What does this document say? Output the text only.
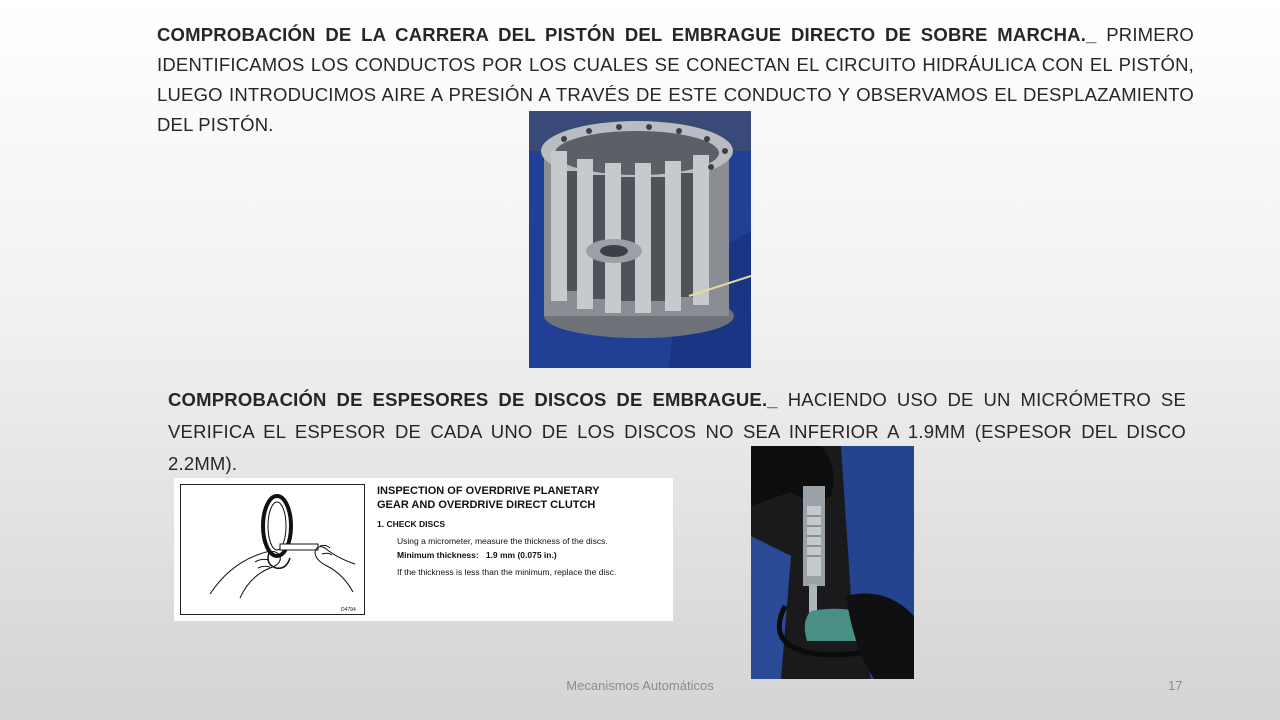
COMPROBACIÓN DE LA CARRERA DEL PISTÓN DEL EMBRAGUE DIRECTO DE SOBRE MARCHA._ PRIMERO IDENTIFICAMOS LOS CONDUCTOS POR LOS CUALES SE CONECTAN EL CIRCUITO HIDRÁULICA CON EL PISTÓN, LUEGO INTRODUCIMOS AIRE A PRESIÓN A TRAVÉS DE ESTE CONDUCTO Y OBSERVAMOS EL DESPLAZAMIENTO DEL PISTÓN.

COMPROBACIÓN DE ESPESORES DE DISCOS DE EMBRAGUE._ HACIENDO USO DE UN MICRÓMETRO SE VERIFICA EL ESPESOR DE CADA UNO DE LOS DISCOS NO SEA INFERIOR A 1.9MM (ESPESOR DEL DISCO 2.2MM).

D4794
INSPECTION OF OVERDRIVE PLANETARY
GEAR AND OVERDRIVE DIRECT CLUTCH
1. CHECK DISCS
Using a micrometer, measure the thickness of the discs.
Minimum thickness: 1.9 mm (0.075 in.)
If the thickness is less than the minimum, replace the disc.
Mecanismos Automáticos	17
